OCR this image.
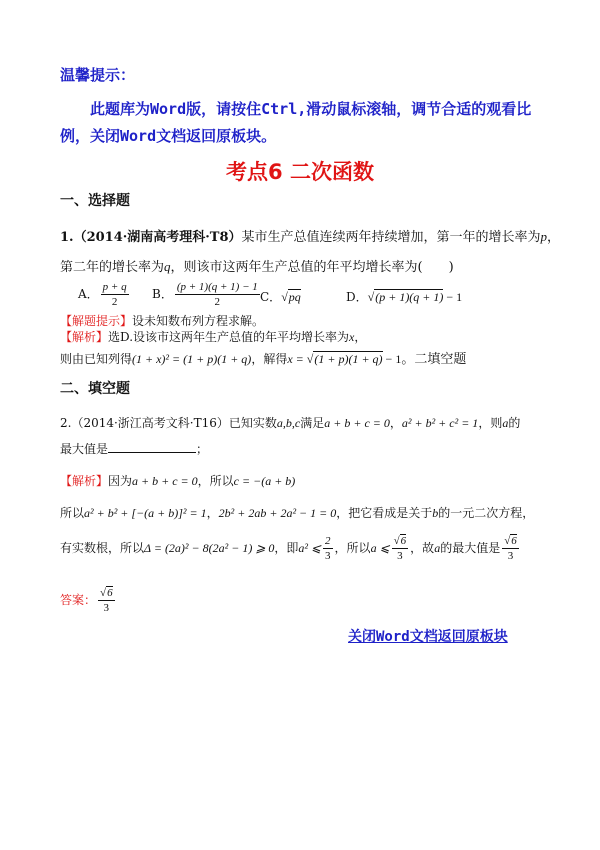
温馨提示：
此题库为Word版，请按住Ctrl,滑动鼠标滚轴，调节合适的观看比例，关闭Word文档返回原板块。
考点6 二次函数
一、选择题
1.（2014·湖南高考理科·T8）某市生产总值连续两年持续增加，第一年的增长率为p，
第二年的增长率为q，则该市这两年生产总值的年平均增长率为(　　)
A． $\frac{p + q}{2}$ B． $\frac{(p + 1)(q + 1) - 1}{2}$ C．√pq	D．√(p + 1)(q + 1) − 1
【解题提示】设未知数布列方程求解。
【解析】选D.设该市这两年生产总值的年平均增长率为x，
则由已知列得(1 + x)² = (1 + p)(1 + q)，解得x = √(1 + p)(1 + q) − 1。二填空题
二、填空题
2.（2014·浙江高考文科·T16）已知实数a,b,c满足a + b + c = 0，a² + b² + c² = 1，则a的
最大值是	；
【解析】因为a + b + c = 0，所以c = −(a + b)
所以a² + b² + [−(a + b)]² = 1，2b² + 2ab + 2a² − 1 = 0，把它看成是关于b的一元二次方程，
有实数根，所以Δ = (2a)² − 8(2a² − 1) ⩾ 0，即a² ⩽ $\frac{2}{3}$ ，所以a ⩽ $\frac{√6}{3}$ ，故a的最大值是 $\frac{√6}{3}$
答案： $\frac{√6}{3}$
关闭Word文档返回原板块
